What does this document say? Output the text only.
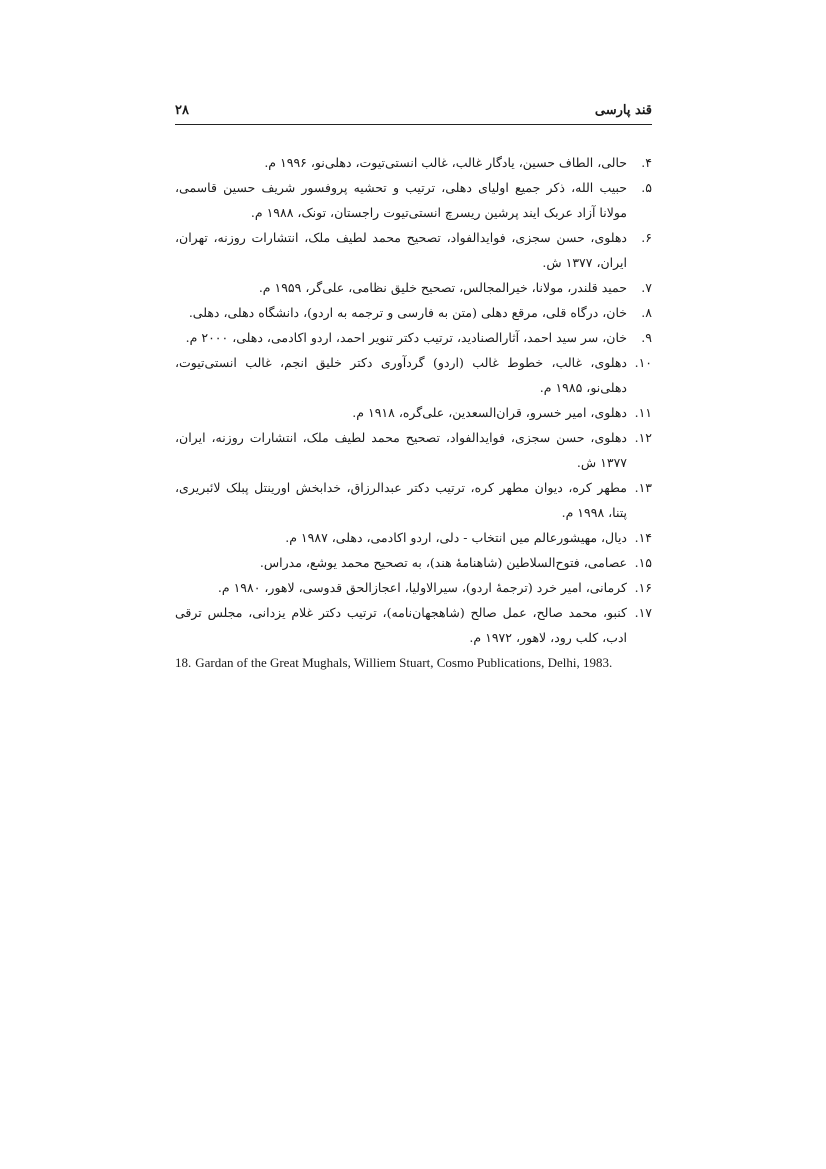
قند پارسی
۲۸
۴.
حالی، الطاف حسین، یادگار غالب، غالب انستی‌تیوت، دهلی‌نو، ۱۹۹۶ م.
۵.
حبیب الله، ذکر جمیع اولیای دهلی، ترتیب و تحشیه پروفسور شریف حسین قاسمی، مولانا آزاد عربک ایند پرشین ریسرچ انستی‌تیوت راجستان، تونک، ۱۹۸۸ م.
۶.
دهلوی، حسن سجزی، فوایدالفواد، تصحیح محمد لطیف ملک، انتشارات روزنه، تهران، ایران، ۱۳۷۷ ش.
۷.
حمید قلندر، مولانا، خیرالمجالس، تصحیح خلیق نظامی، علی‌گر، ۱۹۵۹ م.
۸.
خان، درگاه قلی، مرقع دهلی (متن به فارسی و ترجمه به اردو)، دانشگاه دهلی، دهلی.
۹.
خان، سر سید احمد، آثارالصنادید، ترتیب دکتر تنویر احمد، اردو اکادمی، دهلی، ۲۰۰۰ م.
۱۰.
دهلوی، غالب، خطوط غالب (اردو) گردآوری دکتر خلیق انجم، غالب انستی‌تیوت، دهلی‌نو، ۱۹۸۵ م.
۱۱.
دهلوی، امیر خسرو، قران‌السعدین، علی‌گره، ۱۹۱۸ م.
۱۲.
دهلوی، حسن سجزی، فوایدالفواد، تصحیح محمد لطیف ملک، انتشارات روزنه، ایران، ۱۳۷۷ ش.
۱۳.
مطهر کره، دیوان مطهر کره، ترتیب دکتر عبدالرزاق، خدابخش اورینتل پبلک لائبریری، پتنا، ۱۹۹۸ م.
۱۴.
دیال، مهیشورعالم میں انتخاب - دلی، اردو اکادمی، دهلی، ۱۹۸۷ م.
۱۵.
عصامی، فتوح‌السلاطین (شاهنامهٔ هند)، به تصحیح محمد یوشع، مدراس.
۱۶.
کرمانی، امیر خرد (ترجمهٔ اردو)، سیرالاولیا، اعجازالحق قدوسی، لاهور، ۱۹۸۰ م.
۱۷.
کنبو، محمد صالح، عمل صالح (شاهجهان‌نامه)، ترتیب دکتر غلام یزدانی، مجلس ترقی ادب، کلب رود، لاهور، ۱۹۷۲ م.
18. Gardan of the Great Mughals, Williem Stuart, Cosmo Publications, Delhi, 1983.
